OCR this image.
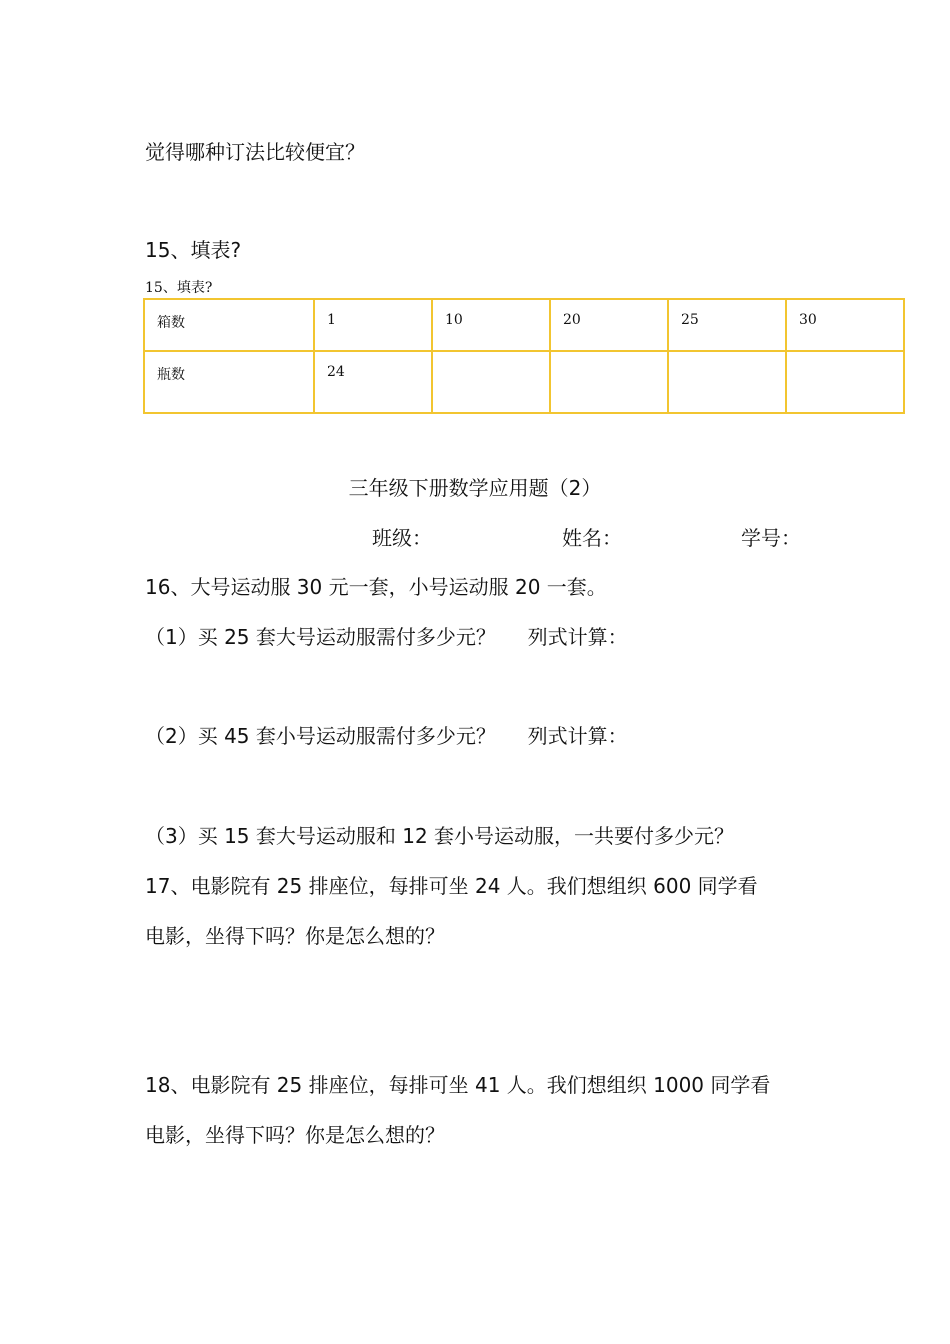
觉得哪种订法比较便宜？
15、填表?
15、填表?
箱数	1	10	20	25	30
瓶数	24				
三年级下册数学应用题（2）
班级：	姓名：	学号：
16、大号运动服 30 元一套，小号运动服 20 一套。
（1）买 25 套大号运动服需付多少元？     列式计算：
（2）买 45 套小号运动服需付多少元？     列式计算：
（3）买 15 套大号运动服和 12 套小号运动服，一共要付多少元？
17、电影院有 25 排座位，每排可坐 24 人。我们想组织 600 同学看
电影，坐得下吗？你是怎么想的？
18、电影院有 25 排座位，每排可坐 41 人。我们想组织 1000 同学看
电影，坐得下吗？你是怎么想的？
